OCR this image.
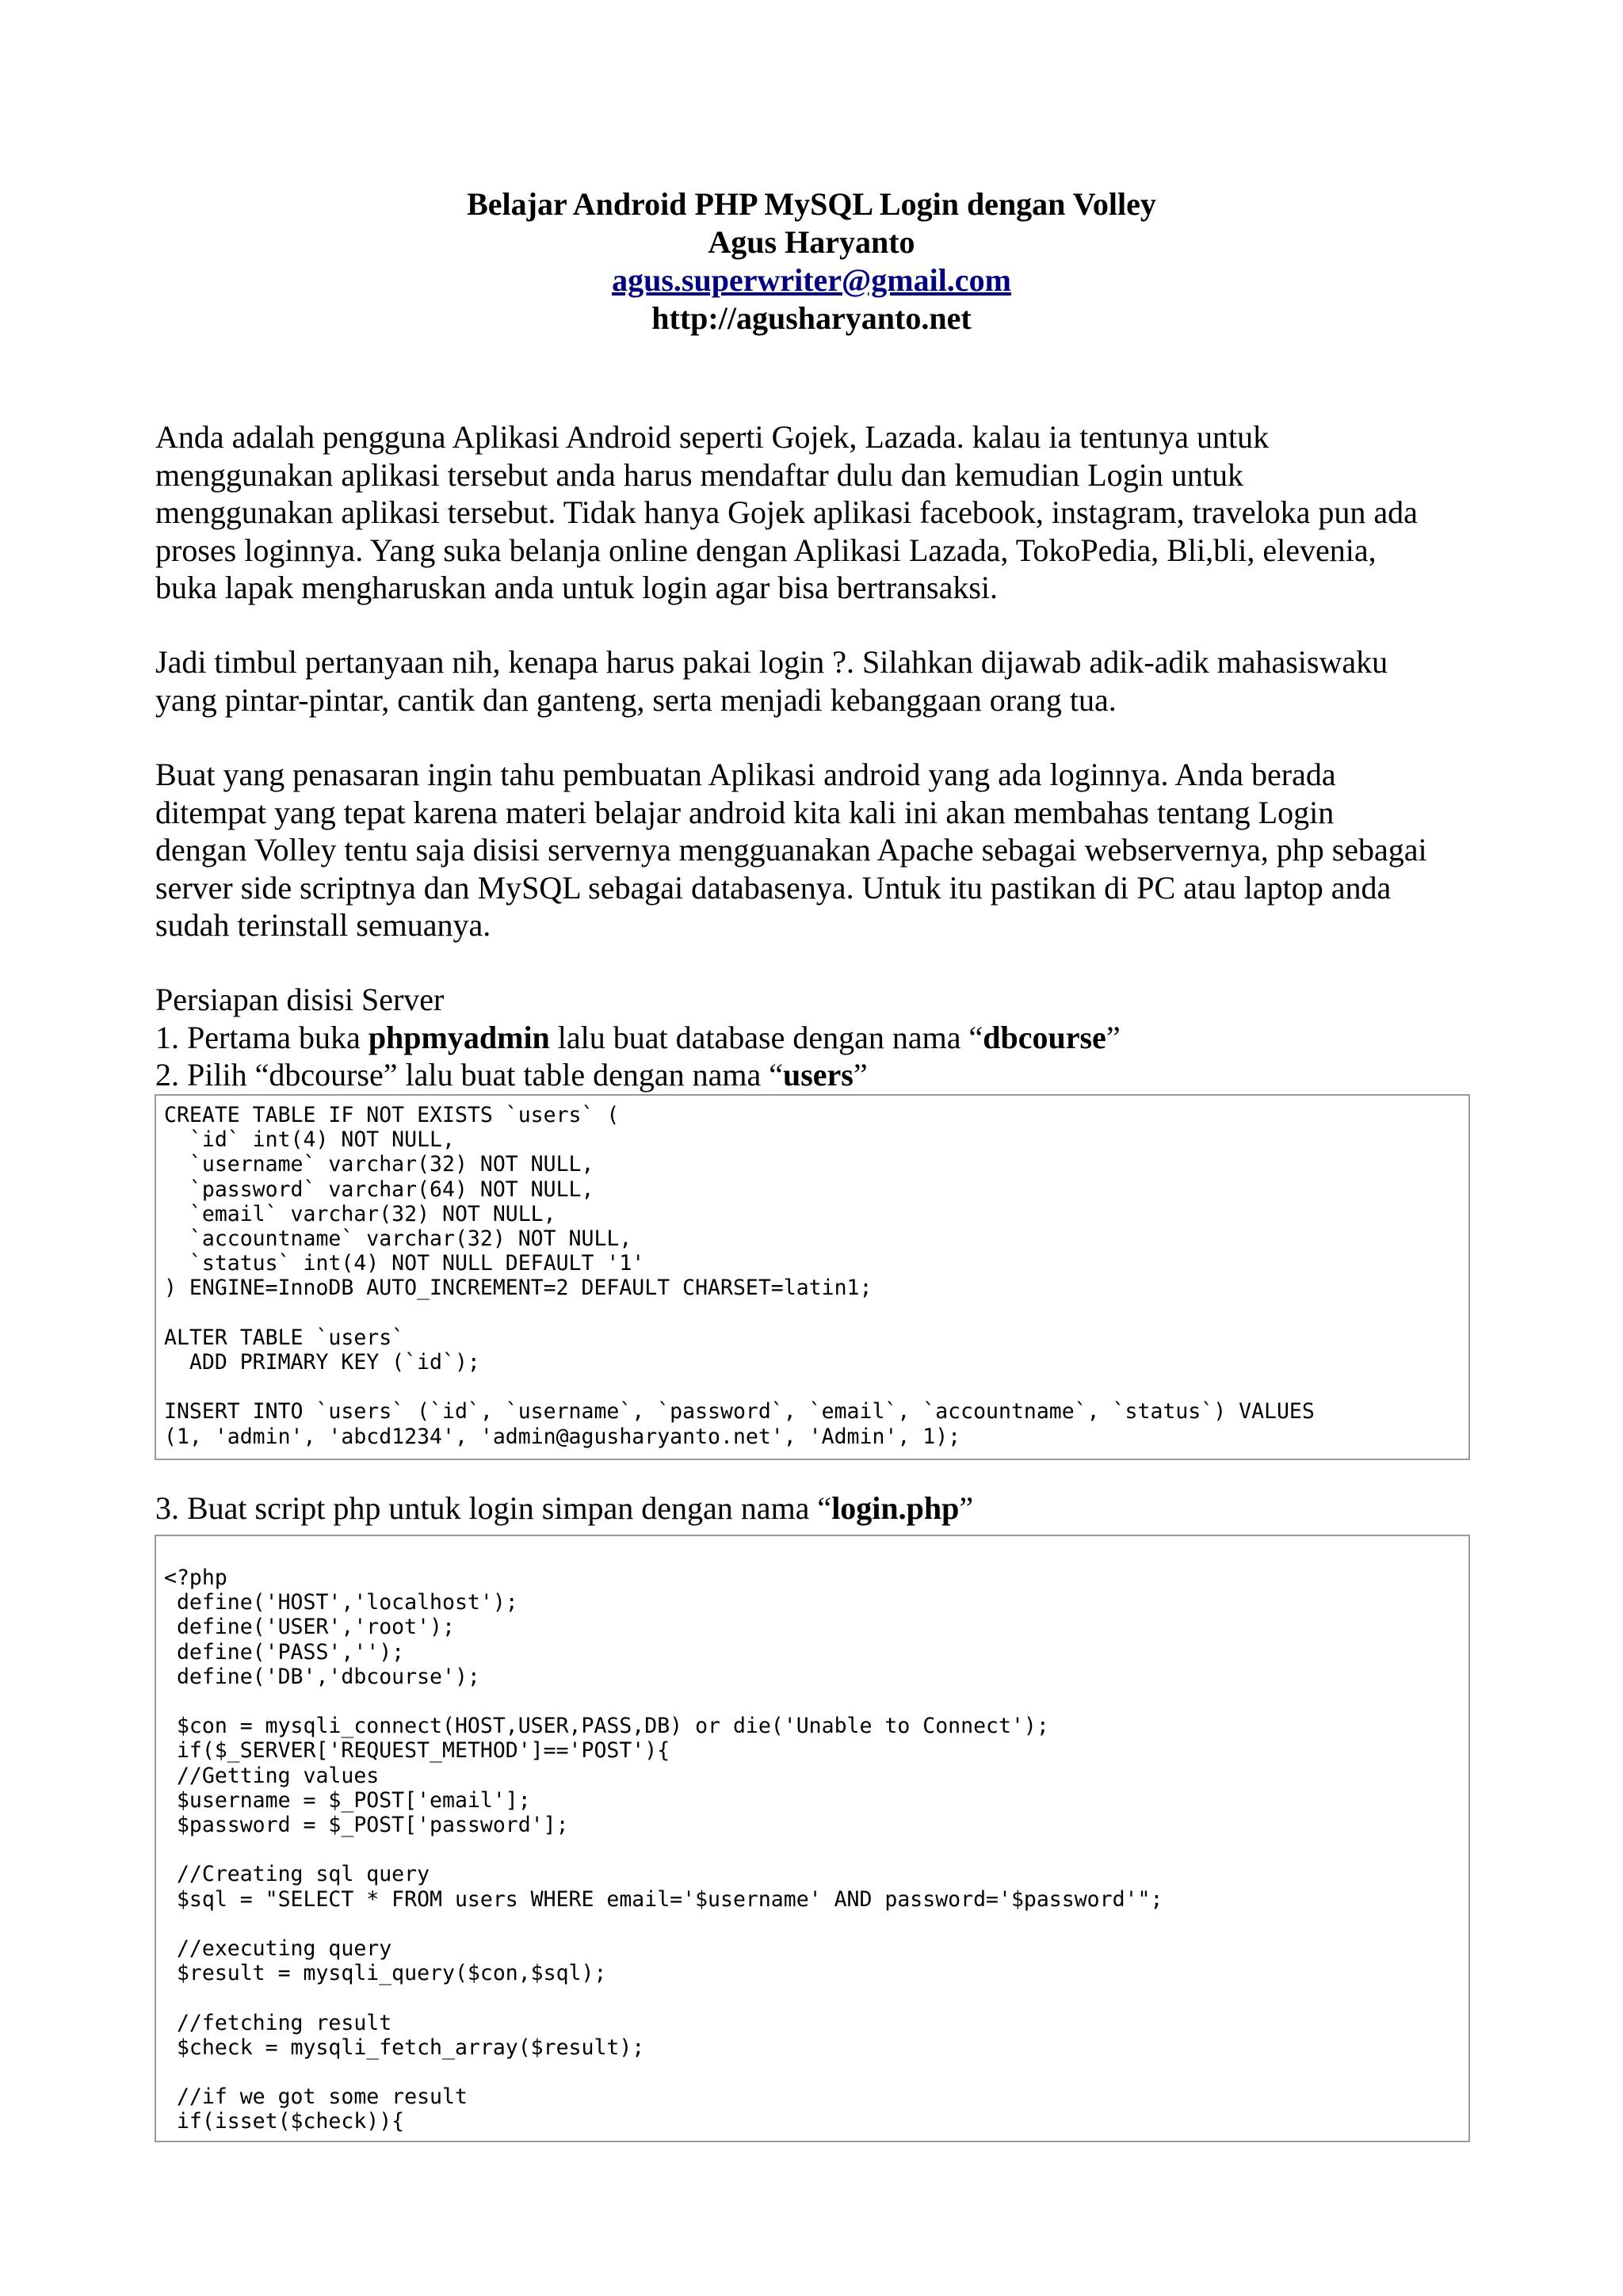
Belajar Android PHP MySQL Login dengan Volley
Agus Haryanto
agus.superwriter@gmail.com
http://agusharyanto.net
Anda adalah pengguna Aplikasi Android seperti Gojek, Lazada. kalau ia tentunya untuk
menggunakan aplikasi tersebut anda harus mendaftar dulu dan kemudian Login untuk
menggunakan aplikasi tersebut. Tidak hanya Gojek aplikasi facebook, instagram, traveloka pun ada
proses loginnya. Yang suka belanja online dengan Aplikasi Lazada, TokoPedia, Bli,bli, elevenia,
buka lapak mengharuskan anda untuk login agar bisa bertransaksi.
Jadi timbul pertanyaan nih, kenapa harus pakai login ?. Silahkan dijawab adik-adik mahasiswaku
yang pintar-pintar, cantik dan ganteng, serta menjadi kebanggaan orang tua.
Buat yang penasaran ingin tahu pembuatan Aplikasi android yang ada loginnya. Anda berada
ditempat yang tepat karena materi belajar android kita kali ini akan membahas tentang Login
dengan Volley tentu saja disisi servernya mengguanakan Apache sebagai webservernya, php sebagai
server side scriptnya dan MySQL sebagai databasenya. Untuk itu pastikan di PC atau laptop anda
sudah terinstall semuanya.
Persiapan disisi Server
1. Pertama buka phpmyadmin lalu buat database dengan nama “dbcourse”
2. Pilih “dbcourse” lalu buat table dengan nama “users”
CREATE TABLE IF NOT EXISTS `users` (
`id` int(4) NOT NULL,
`username` varchar(32) NOT NULL,
`password` varchar(64) NOT NULL,
`email` varchar(32) NOT NULL,
`accountname` varchar(32) NOT NULL,
`status` int(4) NOT NULL DEFAULT '1'
) ENGINE=InnoDB AUTO_INCREMENT=2 DEFAULT CHARSET=latin1;

ALTER TABLE `users`
ADD PRIMARY KEY (`id`);

INSERT INTO `users` (`id`, `username`, `password`, `email`, `accountname`, `status`) VALUES
(1, 'admin', 'abcd1234', 'admin@agusharyanto.net', 'Admin', 1);
3. Buat script php untuk login simpan dengan nama “login.php”
<?php
define('HOST','localhost');
define('USER','root');
define('PASS','');
define('DB','dbcourse');

$con = mysqli_connect(HOST,USER,PASS,DB) or die('Unable to Connect');
if($_SERVER['REQUEST_METHOD']=='POST'){
//Getting values
$username = $_POST['email'];
$password = $_POST['password'];

//Creating sql query
$sql = "SELECT * FROM users WHERE email='$username' AND password='$password'";

//executing query
$result = mysqli_query($con,$sql);

//fetching result
$check = mysqli_fetch_array($result);

//if we got some result
if(isset($check)){
